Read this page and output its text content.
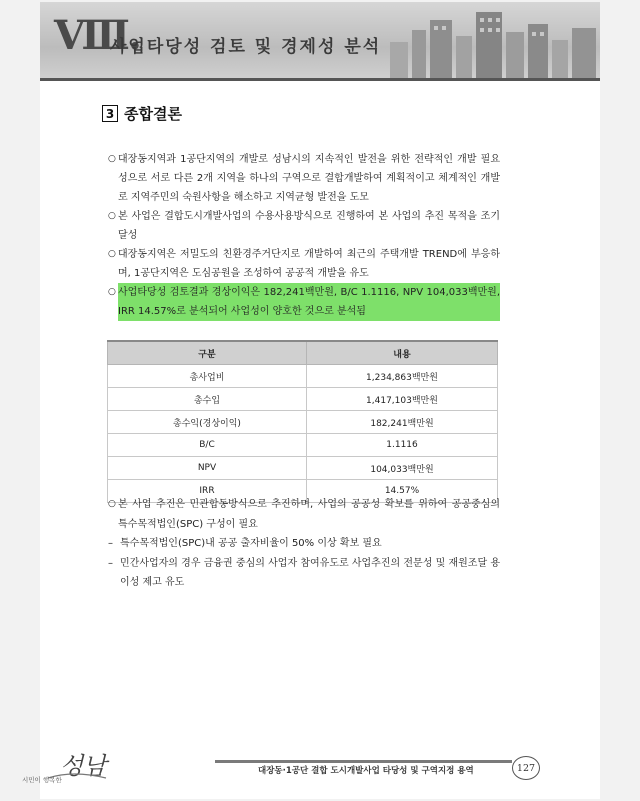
Ⅷ.
사업타당성 검토 및 경제성 분석
3 종합결론
○ 대장동지역과 1공단지역의 개발로 성남시의 지속적인 발전을 위한 전략적인 개발 필요성으로 서로 다른 2개 지역을 하나의 구역으로 결합개발하여 계획적이고 체계적인 개발로 지역주민의 숙원사항을 해소하고 지역균형 발전을 도모
○ 본 사업은 결합도시개발사업의 수용사용방식으로 진행하여 본 사업의 추진 목적을 조기 달성
○ 대장동지역은 저밀도의 친환경주거단지로 개발하여 최근의 주택개발 TREND에 부응하며, 1공단지역은 도심공원을 조성하여 공공적 개발을 유도
○ 사업타당성 검토결과 경상이익은 182,241백만원, B/C 1.1116, NPV 104,033백만원, IRR 14.57%로 분석되어 사업성이 양호한 것으로 분석됨
구분	내용
총사업비	1,234,863백만원
총수입	1,417,103백만원
총수익(경상이익)	182,241백만원
B/C	1.1116
NPV	104,033백만원
IRR	14.57%
○ 본 사업 추진은 민관합동방식으로 추진하며, 사업의 공공성 확보를 위하여 공공중심의 특수목적법인(SPC) 구성이 필요
– 특수목적법인(SPC)내 공공 출자비율이 50% 이상 확보 필요
– 민간사업자의 경우 금융권 중심의 사업자 참여유도로 사업추진의 전문성 및 재원조달 용이성 제고 유도
성남
시민이 행복한
대장동·1공단 결합 도시개발사업 타당성 및 구역지정 용역	127
